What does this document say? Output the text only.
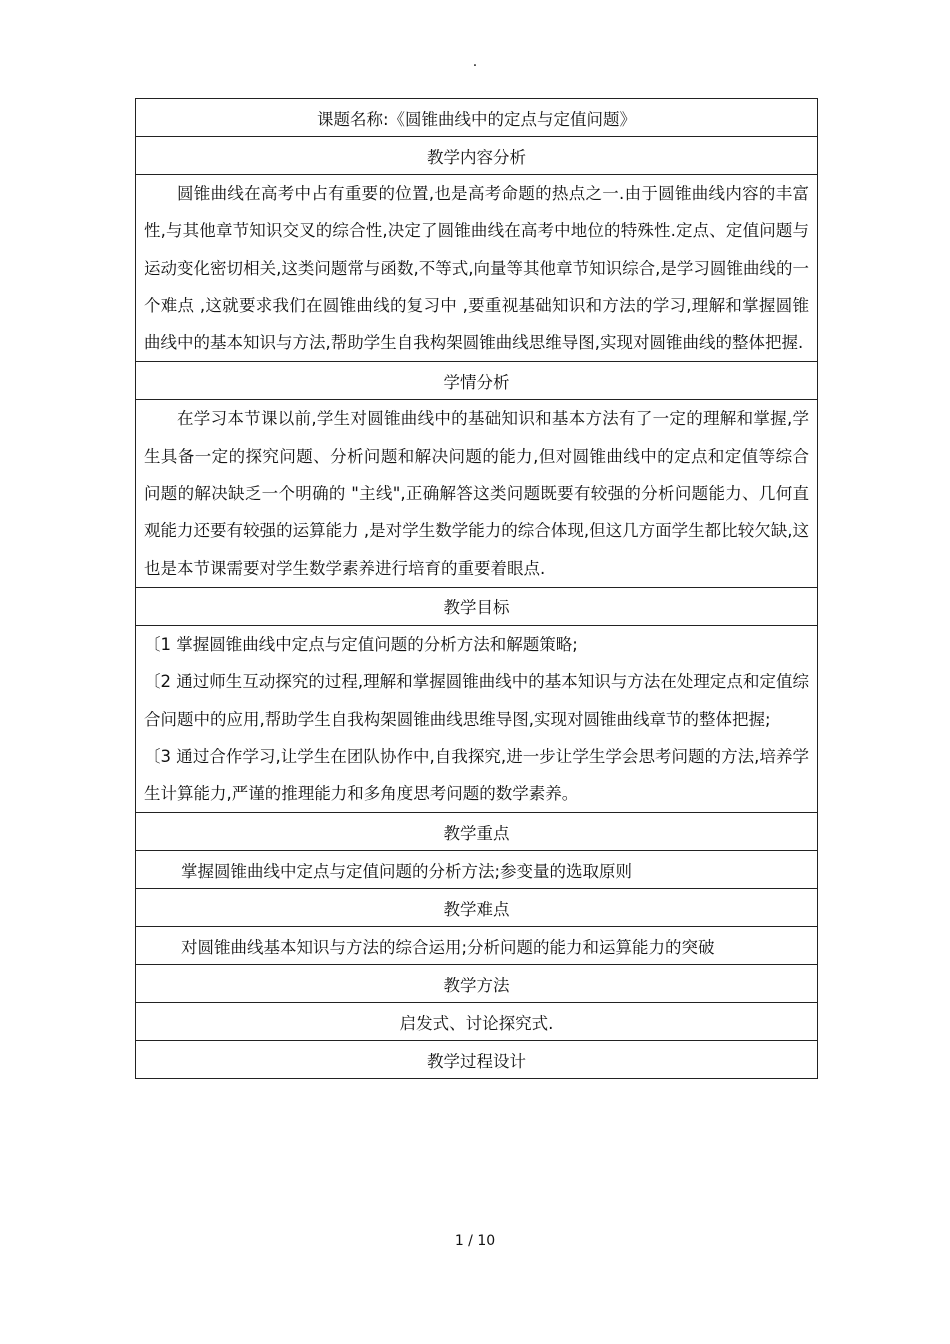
.
课题名称:《圆锥曲线中的定点与定值问题》
教学内容分析

圆锥曲线在高考中占有重要的位置,也是高考命题的热点之一.由于圆锥曲线内容的丰富性,与其他章节知识交叉的综合性,决定了圆锥曲线在高考中地位的特殊性.定点、定值问题与运动变化密切相关,这类问题常与函数,不等式,向量等其他章节知识综合,是学习圆锥曲线的一个难点 ,这就要求我们在圆锥曲线的复习中 ,要重视基础知识和方法的学习,理解和掌握圆锥曲线中的基本知识与方法,帮助学生自我构架圆锥曲线思维导图,实现对圆锥曲线的整体把握.

学情分析

在学习本节课以前,学生对圆锥曲线中的基础知识和基本方法有了一定的理解和掌握,学生具备一定的探究问题、分析问题和解决问题的能力,但对圆锥曲线中的定点和定值等综合问题的解决缺乏一个明确的 "主线",正确解答这类问题既要有较强的分析问题能力、几何直观能力还要有较强的运算能力 ,是对学生数学能力的综合体现,但这几方面学生都比较欠缺,这也是本节课需要对学生数学素养进行培育的重要着眼点.

教学目标

〔1 掌握圆锥曲线中定点与定值问题的分析方法和解题策略;

〔2 通过师生互动探究的过程,理解和掌握圆锥曲线中的基本知识与方法在处理定点和定值综合问题中的应用,帮助学生自我构架圆锥曲线思维导图,实现对圆锥曲线章节的整体把握;

〔3 通过合作学习,让学生在团队协作中,自我探究,进一步让学生学会思考问题的方法,培养学生计算能力,严谨的推理能力和多角度思考问题的数学素养。

教学重点
掌握圆锥曲线中定点与定值问题的分析方法;参变量的选取原则
教学难点
对圆锥曲线基本知识与方法的综合运用;分析问题的能力和运算能力的突破
教学方法
启发式、讨论探究式.
教学过程设计
1 / 10
